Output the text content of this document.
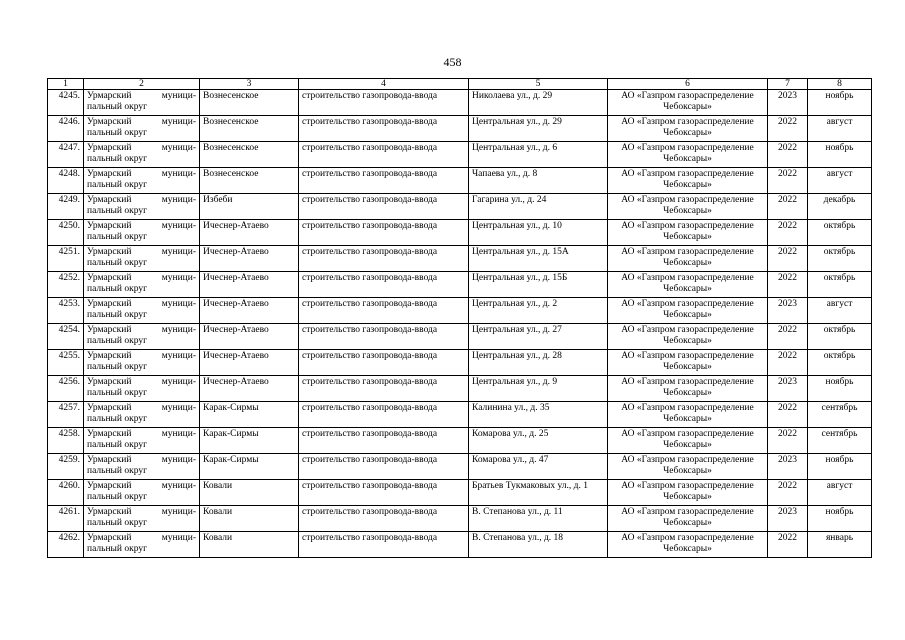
458
1	2	3	4	5	6	7	8
4245.	Урмарский муници-пальный округ	Вознесенское	строительство газопровода-ввода	Николаева ул., д. 29	АО «Газпром газораспределение Чебоксары»	2023	ноябрь
4246.	Урмарский муници-пальный округ	Вознесенское	строительство газопровода-ввода	Центральная ул., д. 29	АО «Газпром газораспределение Чебоксары»	2022	август
4247.	Урмарский муници-пальный округ	Вознесенское	строительство газопровода-ввода	Центральная ул., д. 6	АО «Газпром газораспределение Чебоксары»	2022	ноябрь
4248.	Урмарский муници-пальный округ	Вознесенское	строительство газопровода-ввода	Чапаева ул., д. 8	АО «Газпром газораспределение Чебоксары»	2022	август
4249.	Урмарский муници-пальный округ	Избеби	строительство газопровода-ввода	Гагарина ул., д. 24	АО «Газпром газораспределение Чебоксары»	2022	декабрь
4250.	Урмарский муници-пальный округ	Ичеснер-Атаево	строительство газопровода-ввода	Центральная ул., д. 10	АО «Газпром газораспределение Чебоксары»	2022	октябрь
4251.	Урмарский муници-пальный округ	Ичеснер-Атаево	строительство газопровода-ввода	Центральная ул., д. 15А	АО «Газпром газораспределение Чебоксары»	2022	октябрь
4252.	Урмарский муници-пальный округ	Ичеснер-Атаево	строительство газопровода-ввода	Центральная ул., д. 15Б	АО «Газпром газораспределение Чебоксары»	2022	октябрь
4253.	Урмарский муници-пальный округ	Ичеснер-Атаево	строительство газопровода-ввода	Центральная ул., д. 2	АО «Газпром газораспределение Чебоксары»	2023	август
4254.	Урмарский муници-пальный округ	Ичеснер-Атаево	строительство газопровода-ввода	Центральная ул., д. 27	АО «Газпром газораспределение Чебоксары»	2022	октябрь
4255.	Урмарский муници-пальный округ	Ичеснер-Атаево	строительство газопровода-ввода	Центральная ул., д. 28	АО «Газпром газораспределение Чебоксары»	2022	октябрь
4256.	Урмарский муници-пальный округ	Ичеснер-Атаево	строительство газопровода-ввода	Центральная ул., д. 9	АО «Газпром газораспределение Чебоксары»	2023	ноябрь
4257.	Урмарский муници-пальный округ	Карак-Сирмы	строительство газопровода-ввода	Калинина ул., д. 35	АО «Газпром газораспределение Чебоксары»	2022	сентябрь
4258.	Урмарский муници-пальный округ	Карак-Сирмы	строительство газопровода-ввода	Комарова ул., д. 25	АО «Газпром газораспределение Чебоксары»	2022	сентябрь
4259.	Урмарский муници-пальный округ	Карак-Сирмы	строительство газопровода-ввода	Комарова ул., д. 47	АО «Газпром газораспределение Чебоксары»	2023	ноябрь
4260.	Урмарский муници-пальный округ	Ковали	строительство газопровода-ввода	Братьев Тукмаковых ул., д. 1	АО «Газпром газораспределение Чебоксары»	2022	август
4261.	Урмарский муници-пальный округ	Ковали	строительство газопровода-ввода	В. Степанова ул., д. 11	АО «Газпром газораспределение Чебоксары»	2023	ноябрь
4262.	Урмарский муници-пальный округ	Ковали	строительство газопровода-ввода	В. Степанова ул., д. 18	АО «Газпром газораспределение Чебоксары»	2022	январь
